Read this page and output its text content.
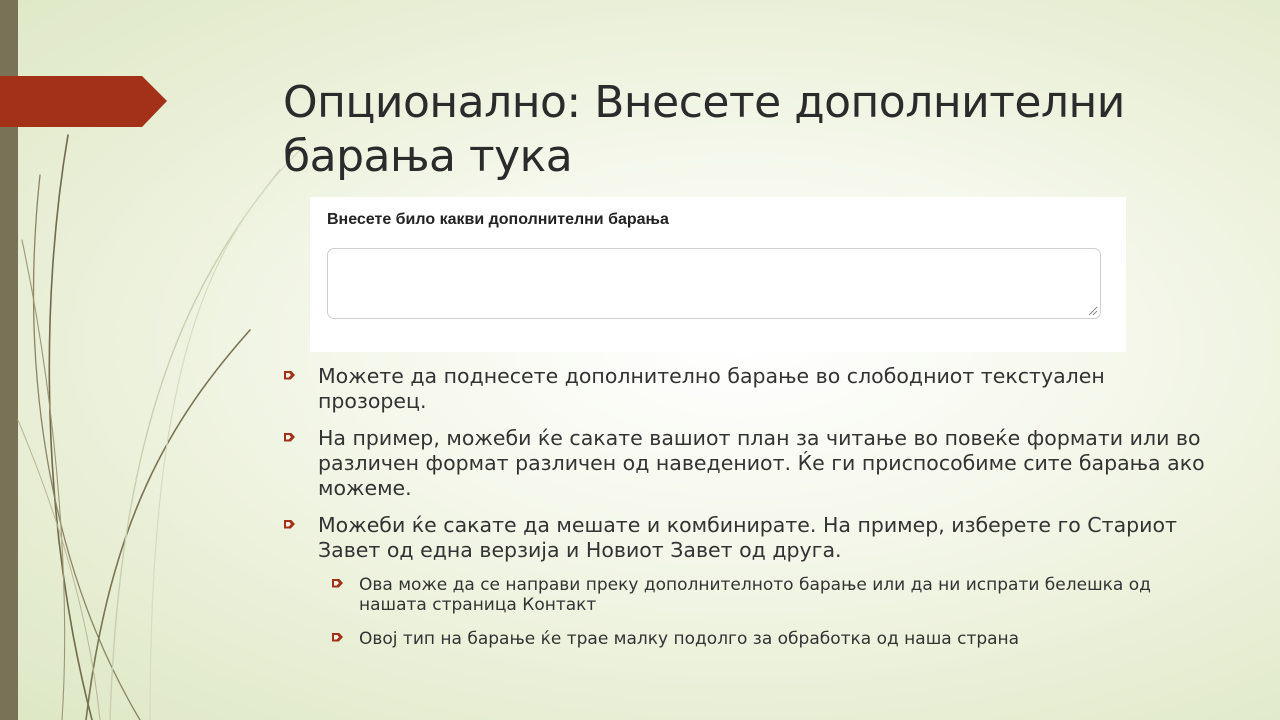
Опционално: Внесете дополнителни
барања тука
Внесете било какви дополнителни барања
Можете да поднесете дополнително барање во слободниот текстуален прозорец.
На пример, можеби ќе сакате вашиот план за читање во повеќе формати или во различен формат различен од наведениот. Ќе ги приспособиме сите барања ако можеме.
Можеби ќе сакате да мешате и комбинирате. На пример, изберете го Стариот Завет од една верзија и Новиот Завет од друга.
Ова може да се направи преку дополнителното барање или да ни испрати белешка од нашата страница Контакт
Овој тип на барање ќе трае малку подолго за обработка од наша страна
